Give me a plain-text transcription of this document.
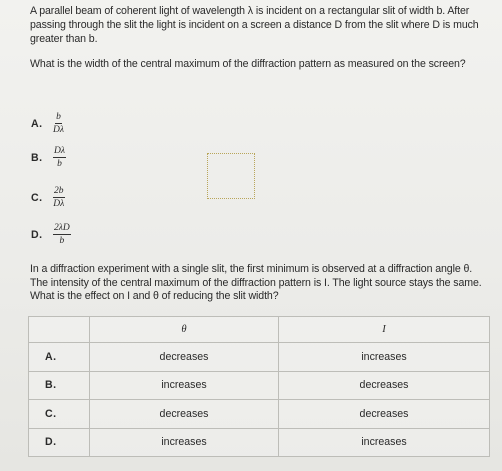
A parallel beam of coherent light of wavelength λ is incident on a rectangular slit of width b. After passing through the slit the light is incident on a screen a distance D from the slit where D is much greater than b.

What is the width of the central maximum of the diffraction pattern as measured on the screen?

A.	$\frac{b}{D\lambda}$
B.	$\frac{D\lambda}{b}$
C.	$\frac{2b}{D\lambda}$
D.	$\frac{2\lambda D}{b}$

In a diffraction experiment with a single slit, the first minimum is observed at a diffraction angle θ. The intensity of the central maximum of the diffraction pattern is I. The light source stays the same. What is the effect on I and θ of reducing the slit width?

	θ	I
A.	decreases	increases
B.	increases	decreases
C.	decreases	decreases
D.	increases	increases
